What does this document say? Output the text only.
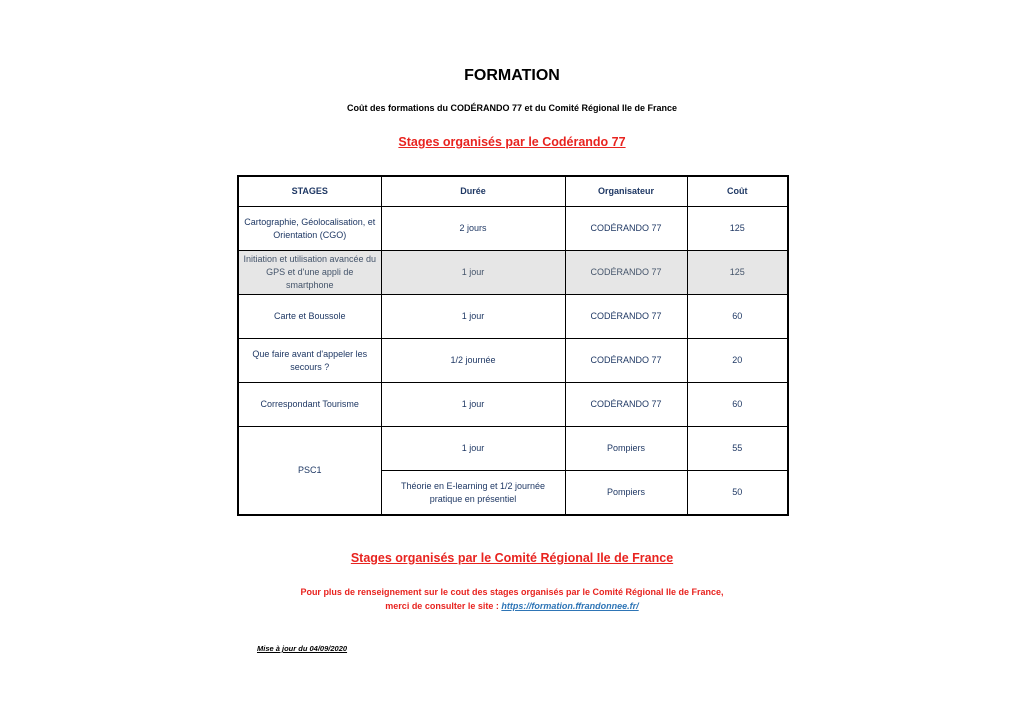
FORMATION
Coût des formations du CODÉRANDO 77 et du Comité Régional Ile de France
Stages organisés par le Codérando 77
STAGES	Durée	Organisateur	Coût
Cartographie, Géolocalisation, et Orientation (CGO)	2 jours	CODÉRANDO 77	125
Initiation et utilisation avancée du GPS et d'une appli de smartphone	1 jour	CODÉRANDO 77	125
Carte et Boussole	1 jour	CODÉRANDO 77	60
Que faire avant d'appeler les secours ?	1/2 journée	CODÉRANDO 77	20
Correspondant Tourisme	1 jour	CODÉRANDO 77	60
PSC1	1 jour	Pompiers	55
	Théorie en E-learning et 1/2 journée pratique en présentiel	Pompiers	50
Stages organisés par le Comité Régional Ile de France
Pour plus de renseignement sur le cout des stages organisés par le Comité Régional Ile de France,
merci de consulter le site : https://formation.ffrandonnee.fr/
Mise à jour du 04/09/2020
